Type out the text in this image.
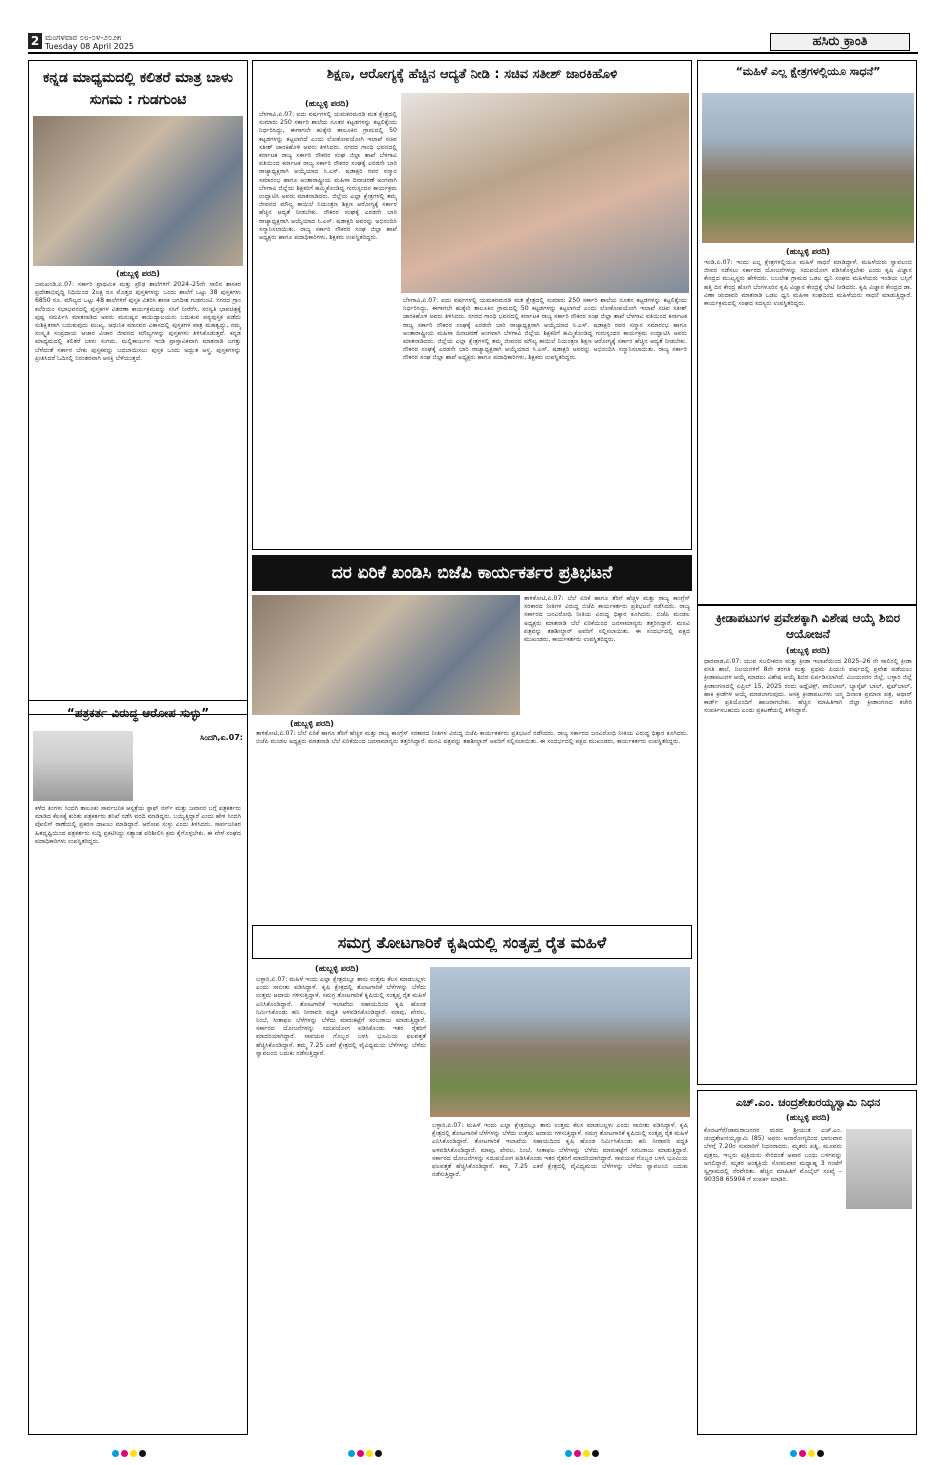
2 ಮಂಗಳವಾರ ೦೮-೦೪-೨೦೨೫
Tuesday 08 April 2025	ಹಸಿರು ಕ್ರಾಂತಿ
ಕನ್ನಡ ಮಾಧ್ಯಮದಲ್ಲಿ ಕಲಿತರೆ ಮಾತ್ರ ಬಾಳು ಸುಗಮ : ಗುಡಗುಂಟಿ
(ಹುಬ್ಬಳ್ಳಿ ಪರದಿ)
ಜಮಖಂಡಿ,ಏ.07: ಸರ್ಕಾರಿ ಪ್ರಾಥಮಿಕ ಮತ್ತು ಪ್ರೌಢ ಶಾಲೆಗಳಿಗೆ 2024–25ನೇ ಸಾಲಿನ ಶಾಸಕರ ಪ್ರದೇಶಾಭಿವೃದ್ಧಿ ನಿಧಿಯಿಂದ 2ಲಕ್ಷ ರೂ ಮೊತ್ತದ ಪುಸ್ತಕಗಳನ್ನು ಒಂದು ಶಾಲೆಗೆ ಒಟ್ಟು 38 ಪುಸ್ತಕಗಳು 6850 ರೂ. ಮೌಲ್ಯದ ಒಟ್ಟು 48 ಶಾಲೆಗಳಿಗೆ ಪುಸ್ತಕ ವಿತರಿಸಿ ಶಾಸಕ ಜಗದೀಶ ಗುಡಗುಂಟಿ. ನಗರದ ಗ್ರಾಂ ಕಲೆರಿಯಂ ಸಭಾಭವನದಲ್ಲಿ ಪುಸ್ತಕಗಳ ವಿತರಣಾ ಕಾರ್ಯಕ್ರಮವನ್ನು ಸಸಿಗೆ ನೀರೆರೆಸಿ, ಸರಸ್ವತಿ ಭಾವಚಿತ್ರಕ್ಕೆ ಪುಷ್ಪ ಸಮರ್ಪಿಸಿ ಮಾತನಾಡಿದ ಅವರು ಮನುಷ್ಯನ ಕಾಯಿದ್ಯಾಲಯನು ಬದುಕುವ ಪಠ್ಯಪುಸ್ತಕ ಪಡೆದು ಸುಶಿಕ್ಷಿತರಾಗಿ ಬದುಕುವುದು ಮುಖ್ಯ. ಆಧುನಿಕ ಮಾನವನ ವಿಕಾಸದಲ್ಲಿ ಪುಸ್ತಕಗಳ ಪಾತ್ರ ಮಹತ್ವದ್ದು, ನಮ್ಮ ಸಂಸ್ಕೃತಿ ಸಂಪ್ರದಾಯ ಆಚಾರ ವಿಚಾರ ಜೀವನದ ಮೌಲ್ಯಗಳನ್ನು ಪುಸ್ತಕಗಳು ತಿಳಿಸಿಕೊಡುತ್ತವೆ. ಕನ್ನಡ ಮಾಧ್ಯಮದಲ್ಲಿ ಕಲಿತರೆ ಬಾಳು ಸುಗಮ. ಮಲ್ಲಿಕಾರ್ಜುನ ಇಂಡಿ ಪ್ರಾಸ್ತಾವಿಕವಾಗಿ ಮಾತನಾಡಿ ಜಗತ್ತು ಬೆಳೆದಂತೆ ಸರ್ಕಾರ ಬೇಕು ಪುಸ್ತಕವನ್ನು ಬದಲಾಯಿಸಲು ಪುಸ್ತಕ ಒಂದು ಅದ್ಭುತ ಅಸ್ತ್ರ. ಪುಸ್ತಕಗಳನ್ನು ಪ್ರೀತಿಸಿದರೆ ಓದಿನಲ್ಲಿ ನಿರಂತರವಾಗಿ ಆಸಕ್ತಿ ಬೆಳೆಯುತ್ತದೆ.
“ಪತ್ರಕರ್ತ ವಿರುದ್ಧ ಆರೋಪ ಸುಳ್ಳು”
ಸಿಂದಗಿ,ಏ.07:
ಕಳೆದ ತಿಂಗಳು ಸಿಂದಗಿ ತಾಲೂಕು ಸಾರ್ವಜನಿಕ ಆಸ್ಪತ್ರೆಯ ಸ್ಟಾಫ್ ನರ್ಸ್ ಮತ್ತು ಜವಾನರ ಬಗ್ಗೆ ಪತ್ರಕರ್ತರು ಮಾಡಿದ ಕೆಲಸಕ್ಕೆ ಕುರಿತು ಪತ್ರಕರ್ತರು ತನಿಖೆ ನಡೆಸಿ ವರದಿ ಮಾಡಿದ್ದರು. ಬಯ್ಯಿತ್ತಿದ್ದಾರೆ ಎಂದು ಹೇಳಿ ಸಿಂದಗಿ ಪೋಲಿಸ್ ಠಾಣೆಯಲ್ಲಿ ಪ್ರಕರಣ ದಾಖಲು ಮಾಡಿದ್ದಾರೆ. ಆರೋಪ ಸುಳ್ಳು ಎಂದು ತಿಳಿಸಿದರು. ಸಾರ್ವಜನಿಕರ ಹಿತದೃಷ್ಟಿಯಿಂದ ಪತ್ರಕರ್ತರು ಸುದ್ದಿ ಪ್ರಕಟಿಸಿದ್ದು ಸತ್ಯಾಂಶ ಪರಿಶೀಲಿಸಿ ಕ್ರಮ ಕೈಗೊಳ್ಳಬೇಕು. ಈ ವೇಳೆ ಸಂಘದ ಪದಾಧಿಕಾರಿಗಳು ಉಪಸ್ಥಿತರಿದ್ದರು.
ಶಿಕ್ಷಣ, ಆರೋಗ್ಯಕ್ಕೆ ಹೆಚ್ಚಿನ ಆದ್ಯತೆ ನೀಡಿ : ಸಚಿವ ಸತೀಶ್ ಜಾರಕಿಹೊಳಿ
(ಹುಬ್ಬಳ್ಳಿ ಪರದಿ)
ಬೆಳಗಾವಿ,ಏ.07: ಐದು ವರ್ಷಗಳಲ್ಲಿ ಯಮಕನಮರಡಿ ಮತ ಕ್ಷೇತ್ರದಲ್ಲಿ ಸುಮಾರು 250 ಸರ್ಕಾರಿ ಶಾಲೆಯ ನೂತನ ಕಟ್ಟಡಗಳನ್ನು ಕಟ್ಟಲಿಕ್ಕೆಂದು ನಿರ್ಧರಿಸಿದ್ದು, ಈಗಾಗಲೇ ಹುಕ್ಕೇರಿ ತಾಲೂಕಿನ ಗ್ರಾಮದಲ್ಲಿ 50 ಕಟ್ಟಡಗಳನ್ನು ಕಟ್ಟಲಾಗಿದೆ ಎಂದು ಲೋಕೋಪಯೋಗಿ ಇಲಾಖೆ ಸಚಿವ ಸತೀಶ್ ಜಾರಕಿಹೊಳಿ ಅವರು ತಿಳಿಸಿದರು. ನಗರದ ಗಾಂಧಿ ಭವನದಲ್ಲಿ ಕರ್ನಾಟಕ ರಾಜ್ಯ ಸರ್ಕಾರಿ ನೌಕರರ ಸಂಘ ಜಿಲ್ಲಾ ಶಾಖೆ ಬೆಳಗಾವಿ ವತಿಯಿಂದ ಕರ್ನಾಟಕ ರಾಜ್ಯ ಸರ್ಕಾರಿ ನೌಕರರ ಸಂಘಕ್ಕೆ ಎರಡನೇ ಬಾರಿ ರಾಜ್ಯಾಧ್ಯಕ್ಷರಾಗಿ ಆಯ್ಕೆಯಾದ ಸಿ.ಎಸ್. ಷಡಾಕ್ಷರಿ ರವರ ಸನ್ಮಾನ ಸಮಾರಂಭ ಹಾಗೂ ಅಂತಾರಾಷ್ಟ್ರೀಯ ಮಹಿಳಾ ದಿನಾಚರಣೆ ಅಂಗವಾಗಿ ಬೆಳಗಾವಿ ಜಿಲ್ಲೆಯ ಶಿಕ್ಷಕರಿಗೆ ಹಮ್ಮಿಕೊಂಡಿದ್ದ ಗುರುಸ್ಪಂದನ ಕಾರ್ಯಕ್ರಮ ಉದ್ಘಾಟಿಸಿ ಅವರು ಮಾತನಾಡಿದರು. ಜಿಲ್ಲೆಯ ಎಲ್ಲಾ ಕ್ಷೇತ್ರಗಳಲ್ಲಿ ತಮ್ಮ ಜೀವನದ ಮೌಲ್ಯ ಕಾಯಿಲೆ ನಿಯಂತ್ರಣ ಶಿಕ್ಷಣ ಆರೋಗ್ಯಕ್ಕೆ ಸರ್ಕಾರ ಹೆಚ್ಚಿನ ಆದ್ಯತೆ ನೀಡಬೇಕು. ನೌಕರರ ಸಂಘಕ್ಕೆ ಎರಡನೇ ಬಾರಿ ರಾಜ್ಯಾಧ್ಯಕ್ಷರಾಗಿ ಆಯ್ಕೆಯಾದ ಸಿ.ಎಸ್. ಷಡಾಕ್ಷರಿ ಅವರನ್ನು ಅಭಿನಂದಿಸಿ ಸನ್ಮಾನಿಸಲಾಯಿತು. ರಾಜ್ಯ ಸರ್ಕಾರಿ ನೌಕರರ ಸಂಘ ಜಿಲ್ಲಾ ಶಾಖೆ ಅಧ್ಯಕ್ಷರು ಹಾಗೂ ಪದಾಧಿಕಾರಿಗಳು, ಶಿಕ್ಷಕರು ಉಪಸ್ಥಿತರಿದ್ದರು.
ಬೆಳಗಾವಿ,ಏ.07: ಐದು ವರ್ಷಗಳಲ್ಲಿ ಯಮಕನಮರಡಿ ಮತ ಕ್ಷೇತ್ರದಲ್ಲಿ ಸುಮಾರು 250 ಸರ್ಕಾರಿ ಶಾಲೆಯ ನೂತನ ಕಟ್ಟಡಗಳನ್ನು ಕಟ್ಟಲಿಕ್ಕೆಂದು ನಿರ್ಧರಿಸಿದ್ದು, ಈಗಾಗಲೇ ಹುಕ್ಕೇರಿ ತಾಲೂಕಿನ ಗ್ರಾಮದಲ್ಲಿ 50 ಕಟ್ಟಡಗಳನ್ನು ಕಟ್ಟಲಾಗಿದೆ ಎಂದು ಲೋಕೋಪಯೋಗಿ ಇಲಾಖೆ ಸಚಿವ ಸತೀಶ್ ಜಾರಕಿಹೊಳಿ ಅವರು ತಿಳಿಸಿದರು. ನಗರದ ಗಾಂಧಿ ಭವನದಲ್ಲಿ ಕರ್ನಾಟಕ ರಾಜ್ಯ ಸರ್ಕಾರಿ ನೌಕರರ ಸಂಘ ಜಿಲ್ಲಾ ಶಾಖೆ ಬೆಳಗಾವಿ ವತಿಯಿಂದ ಕರ್ನಾಟಕ ರಾಜ್ಯ ಸರ್ಕಾರಿ ನೌಕರರ ಸಂಘಕ್ಕೆ ಎರಡನೇ ಬಾರಿ ರಾಜ್ಯಾಧ್ಯಕ್ಷರಾಗಿ ಆಯ್ಕೆಯಾದ ಸಿ.ಎಸ್. ಷಡಾಕ್ಷರಿ ರವರ ಸನ್ಮಾನ ಸಮಾರಂಭ ಹಾಗೂ ಅಂತಾರಾಷ್ಟ್ರೀಯ ಮಹಿಳಾ ದಿನಾಚರಣೆ ಅಂಗವಾಗಿ ಬೆಳಗಾವಿ ಜಿಲ್ಲೆಯ ಶಿಕ್ಷಕರಿಗೆ ಹಮ್ಮಿಕೊಂಡಿದ್ದ ಗುರುಸ್ಪಂದನ ಕಾರ್ಯಕ್ರಮ ಉದ್ಘಾಟಿಸಿ ಅವರು ಮಾತನಾಡಿದರು. ಜಿಲ್ಲೆಯ ಎಲ್ಲಾ ಕ್ಷೇತ್ರಗಳಲ್ಲಿ ತಮ್ಮ ಜೀವನದ ಮೌಲ್ಯ ಕಾಯಿಲೆ ನಿಯಂತ್ರಣ ಶಿಕ್ಷಣ ಆರೋಗ್ಯಕ್ಕೆ ಸರ್ಕಾರ ಹೆಚ್ಚಿನ ಆದ್ಯತೆ ನೀಡಬೇಕು. ನೌಕರರ ಸಂಘಕ್ಕೆ ಎರಡನೇ ಬಾರಿ ರಾಜ್ಯಾಧ್ಯಕ್ಷರಾಗಿ ಆಯ್ಕೆಯಾದ ಸಿ.ಎಸ್. ಷಡಾಕ್ಷರಿ ಅವರನ್ನು ಅಭಿನಂದಿಸಿ ಸನ್ಮಾನಿಸಲಾಯಿತು. ರಾಜ್ಯ ಸರ್ಕಾರಿ ನೌಕರರ ಸಂಘ ಜಿಲ್ಲಾ ಶಾಖೆ ಅಧ್ಯಕ್ಷರು ಹಾಗೂ ಪದಾಧಿಕಾರಿಗಳು, ಶಿಕ್ಷಕರು ಉಪಸ್ಥಿತರಿದ್ದರು.
“ಮಹಿಳೆ ಎಲ್ಲ ಕ್ಷೇತ್ರಗಳಲ್ಲಿಯೂ ಸಾಧನೆ”
(ಹುಬ್ಬಳ್ಳಿ ಪರದಿ)
ಇಂಡಿ,ಏ.07: ಇಂದು ಎಲ್ಲ ಕ್ಷೇತ್ರಗಳಲ್ಲಿಯೂ ಮಹಿಳೆ ಸಾಧನೆ ಮಾಡಿದ್ದಾಳೆ. ಮಹಿಳೆಯರು ಸ್ವಾವಲಂಬಿ ಜೀವನ ನಡೆಸಲು ಸರ್ಕಾರದ ಯೋಜನೆಗಳನ್ನು ಸದುಪಯೋಗ ಪಡಿಸಿಕೊಳ್ಳಬೇಕು ಎಂದು ಕೃಷಿ ವಿಜ್ಞಾನ ಕೇಂದ್ರದ ಮುಖ್ಯಸ್ಥರು ಹೇಳಿದರು. ಬಬಲೇಶ ಗ್ರಾಮದ ಒಡಲ ಧ್ವನಿ ಸಂಘದ ಮಹಿಳೆಯರು ಇಂಡಿಯ ಬಸ್ಸಿಗೆ ಹತ್ತಿ ದಿನ ಕೇಂದ್ರ ಹೋಗಿ ಬೆಂಗಳೂರಿನ ಕೃಷಿ ವಿಜ್ಞಾನ ಕೇಂದ್ರಕ್ಕೆ ಭೇಟಿ ನೀಡಿದರು. ಕೃಷಿ ವಿಜ್ಞಾನ ಕೇಂದ್ರದ ಡಾ. ವಿಣಾ ಚಂದಾವರಿ ಮಾತನಾಡಿ ಒಡಲ ಧ್ವನಿ ಮಹಿಳಾ ಸಂಘದಿಂದ ಮಹಿಳೆಯರು ಸಾಧನೆ ಮಾಡುತ್ತಿದ್ದಾರೆ. ಕಾರ್ಯಕ್ರಮದಲ್ಲಿ ಸಂಘದ ಸದಸ್ಯರು ಉಪಸ್ಥಿತರಿದ್ದರು.
ದರ ಏರಿಕೆ ಖಂಡಿಸಿ ಬಿಜೆಪಿ ಕಾರ್ಯಕರ್ತರ ಪ್ರತಿಭಟನೆ
ತಾಳಿಕೋಟಿ,ಏ.07: ಬೆಲೆ ಏರಿಕೆ ಹಾಗೂ ತೆರಿಗೆ ಹೆಚ್ಚಳ ಮತ್ತು ರಾಜ್ಯ ಕಾಂಗ್ರೆಸ್ ಸರಕಾರದ ನೀತಿಗಳ ವಿರುದ್ಧ ಬಿಜೆಪಿ ಕಾರ್ಯಕರ್ತರು ಪ್ರತಿಭಟನೆ ನಡೆಸಿದರು. ರಾಜ್ಯ ಸರ್ಕಾರದ ಜನವಿರೋಧಿ ನೀತಿಯ ವಿರುದ್ಧ ಧಿಕ್ಕಾರ ಕೂಗಿದರು. ಬಿಜೆಪಿ ಮಂಡಲ ಅಧ್ಯಕ್ಷರು ಮಾತನಾಡಿ ಬೆಲೆ ಏರಿಕೆಯಿಂದ ಜನಸಾಮಾನ್ಯರು ತತ್ತರಿಸಿದ್ದಾರೆ. ಮನವಿ ಪತ್ರವನ್ನು ತಹಶೀಲ್ದಾರ್ ಅವರಿಗೆ ಸಲ್ಲಿಸಲಾಯಿತು. ಈ ಸಂದರ್ಭದಲ್ಲಿ ಪಕ್ಷದ ಮುಖಂಡರು, ಕಾರ್ಯಕರ್ತರು ಉಪಸ್ಥಿತರಿದ್ದರು.
(ಹುಬ್ಬಳ್ಳಿ ಪರದಿ)
ತಾಳಿಕೋಟಿ,ಏ.07: ಬೆಲೆ ಏರಿಕೆ ಹಾಗೂ ತೆರಿಗೆ ಹೆಚ್ಚಳ ಮತ್ತು ರಾಜ್ಯ ಕಾಂಗ್ರೆಸ್ ಸರಕಾರದ ನೀತಿಗಳ ವಿರುದ್ಧ ಬಿಜೆಪಿ ಕಾರ್ಯಕರ್ತರು ಪ್ರತಿಭಟನೆ ನಡೆಸಿದರು. ರಾಜ್ಯ ಸರ್ಕಾರದ ಜನವಿರೋಧಿ ನೀತಿಯ ವಿರುದ್ಧ ಧಿಕ್ಕಾರ ಕೂಗಿದರು. ಬಿಜೆಪಿ ಮಂಡಲ ಅಧ್ಯಕ್ಷರು ಮಾತನಾಡಿ ಬೆಲೆ ಏರಿಕೆಯಿಂದ ಜನಸಾಮಾನ್ಯರು ತತ್ತರಿಸಿದ್ದಾರೆ. ಮನವಿ ಪತ್ರವನ್ನು ತಹಶೀಲ್ದಾರ್ ಅವರಿಗೆ ಸಲ್ಲಿಸಲಾಯಿತು. ಈ ಸಂದರ್ಭದಲ್ಲಿ ಪಕ್ಷದ ಮುಖಂಡರು, ಕಾರ್ಯಕರ್ತರು ಉಪಸ್ಥಿತರಿದ್ದರು.
ಕ್ರೀಡಾಪಟುಗಳ ಪ್ರವೇಶಕ್ಕಾಗಿ ವಿಶೇಷ ಆಯ್ಕೆ ಶಿಬಿರ ಆಯೋಜನೆ
(ಹುಬ್ಬಳ್ಳಿ ಪರದಿ)
ಧಾರವಾಡ,ಏ.07: ಯುವ ಸಬಲೀಕರಣ ಮತ್ತು ಕ್ರೀಡಾ ಇಲಾಖೆಯಿಂದ 2025–26 ನೇ ಸಾಲಿನಲ್ಲಿ ಕ್ರೀಡಾ ವಸತಿ ಶಾಲೆ, ನಿಲಯಗಳಿಗೆ 8ನೇ ತರಗತಿ ಮತ್ತು ಪ್ರಥಮ ಪಿಯುಸಿ ವರ್ಷದಲ್ಲಿ ಪ್ರವೇಶ ಪಡೆಯಲು ಕ್ರೀಡಾಪಟುಗಳ ಆಯ್ಕೆ ಮಾಡಲು ವಿಶೇಷ ಆಯ್ಕೆ ಶಿಬಿರ ಏರ್ಪಡಿಸಲಾಗಿದೆ. ವಿಜಯನಗರ ಜಿಲ್ಲೆ, ಬಳ್ಳಾರಿ ಜಿಲ್ಲೆ ಕ್ರೀಡಾಂಗಣದಲ್ಲಿ ಏಪ್ರಿಲ್ 15, 2025 ರಂದು ಅಥ್ಲೆಟಿಕ್ಸ್, ವಾಲಿಬಾಲ್, ಬ್ಯಾಸ್ಕೆಟ್ ಬಾಲ್, ಫುಟ್‌ಬಾಲ್, ಹಾಕಿ ಕ್ರೀಡೆಗಳ ಆಯ್ಕೆ ಮಾಡಲಾಗುವುದು. ಆಸಕ್ತ ಕ್ರೀಡಾಪಟುಗಳು ಜನ್ಮ ದಿನಾಂಕ ಪ್ರಮಾಣ ಪತ್ರ, ಆಧಾರ್ ಕಾರ್ಡ್ ಪ್ರತಿಯೊಂದಿಗೆ ಹಾಜರಾಗಬೇಕು. ಹೆಚ್ಚಿನ ಮಾಹಿತಿಗಾಗಿ ಜಿಲ್ಲಾ ಕ್ರೀಡಾಂಗಣದ ಕಚೇರಿ ಸಂಪರ್ಕಿಸಬಹುದು ಎಂದು ಪ್ರಕಟಣೆಯಲ್ಲಿ ತಿಳಿಸಿದ್ದಾರೆ.
ಸಮಗ್ರ ತೋಟಗಾರಿಕೆ ಕೃಷಿಯಲ್ಲಿ ಸಂತೃಪ್ತ ರೈತ ಮಹಿಳೆ
(ಹುಬ್ಬಳ್ಳಿ ಪರದಿ)
ಬಳ್ಳಾರಿ,ಏ.07: ಮಹಿಳೆ ಇಂದು ಎಲ್ಲಾ ಕ್ಷೇತ್ರದಲ್ಲೂ ತಾನು ಉತ್ತಮ ಕೆಲಸ ಮಾಡಬಲ್ಲಳು ಎಂದು ಸಾಬೀತು ಪಡಿಸಿದ್ದಾಳೆ. ಕೃಷಿ ಕ್ಷೇತ್ರದಲ್ಲಿ ತೋಟಗಾರಿಕೆ ಬೆಳೆಗಳನ್ನು ಬೆಳೆದು ಉತ್ತಮ ಆದಾಯ ಗಳಿಸುತ್ತಿದ್ದಾಳೆ. ಸಮಗ್ರ ತೋಟಗಾರಿಕೆ ಕೃಷಿಯಲ್ಲಿ ಸಂತೃಪ್ತ ರೈತ ಮಹಿಳೆ ಎನಿಸಿಕೊಂಡಿದ್ದಾರೆ. ತೋಟಗಾರಿಕೆ ಇಲಾಖೆಯ ಸಹಾಯದಿಂದ ಕೃಷಿ ಹೊಂಡ ನಿರ್ಮಿಸಿಕೊಂಡು ಹನಿ ನೀರಾವರಿ ಪದ್ಧತಿ ಅಳವಡಿಸಿಕೊಂಡಿದ್ದಾರೆ. ಮಾವು, ಪೇರಲ, ನಿಂಬೆ, ಸೀತಾಫಲ ಬೆಳೆಗಳನ್ನು ಬೆಳೆದು ಮಾರುಕಟ್ಟೆಗೆ ಸರಬರಾಜು ಮಾಡುತ್ತಿದ್ದಾರೆ. ಸರ್ಕಾರದ ಯೋಜನೆಗಳನ್ನು ಸದುಪಯೋಗ ಪಡಿಸಿಕೊಂಡು ಇತರ ರೈತರಿಗೆ ಮಾದರಿಯಾಗಿದ್ದಾರೆ. ಸಾವಯವ ಗೊಬ್ಬರ ಬಳಸಿ ಭೂಮಿಯ ಫಲವತ್ತತೆ ಹೆಚ್ಚಿಸಿಕೊಂಡಿದ್ದಾರೆ. ತಮ್ಮ 7.25 ಎಕರೆ ಕ್ಷೇತ್ರದಲ್ಲಿ ವೈವಿಧ್ಯಮಯ ಬೆಳೆಗಳನ್ನು ಬೆಳೆದು ಸ್ವಾವಲಂಬಿ ಬದುಕು ನಡೆಸುತ್ತಿದ್ದಾರೆ.
ಬಳ್ಳಾರಿ,ಏ.07: ಮಹಿಳೆ ಇಂದು ಎಲ್ಲಾ ಕ್ಷೇತ್ರದಲ್ಲೂ ತಾನು ಉತ್ತಮ ಕೆಲಸ ಮಾಡಬಲ್ಲಳು ಎಂದು ಸಾಬೀತು ಪಡಿಸಿದ್ದಾಳೆ. ಕೃಷಿ ಕ್ಷೇತ್ರದಲ್ಲಿ ತೋಟಗಾರಿಕೆ ಬೆಳೆಗಳನ್ನು ಬೆಳೆದು ಉತ್ತಮ ಆದಾಯ ಗಳಿಸುತ್ತಿದ್ದಾಳೆ. ಸಮಗ್ರ ತೋಟಗಾರಿಕೆ ಕೃಷಿಯಲ್ಲಿ ಸಂತೃಪ್ತ ರೈತ ಮಹಿಳೆ ಎನಿಸಿಕೊಂಡಿದ್ದಾರೆ. ತೋಟಗಾರಿಕೆ ಇಲಾಖೆಯ ಸಹಾಯದಿಂದ ಕೃಷಿ ಹೊಂಡ ನಿರ್ಮಿಸಿಕೊಂಡು ಹನಿ ನೀರಾವರಿ ಪದ್ಧತಿ ಅಳವಡಿಸಿಕೊಂಡಿದ್ದಾರೆ. ಮಾವು, ಪೇರಲ, ನಿಂಬೆ, ಸೀತಾಫಲ ಬೆಳೆಗಳನ್ನು ಬೆಳೆದು ಮಾರುಕಟ್ಟೆಗೆ ಸರಬರಾಜು ಮಾಡುತ್ತಿದ್ದಾರೆ. ಸರ್ಕಾರದ ಯೋಜನೆಗಳನ್ನು ಸದುಪಯೋಗ ಪಡಿಸಿಕೊಂಡು ಇತರ ರೈತರಿಗೆ ಮಾದರಿಯಾಗಿದ್ದಾರೆ. ಸಾವಯವ ಗೊಬ್ಬರ ಬಳಸಿ ಭೂಮಿಯ ಫಲವತ್ತತೆ ಹೆಚ್ಚಿಸಿಕೊಂಡಿದ್ದಾರೆ. ತಮ್ಮ 7.25 ಎಕರೆ ಕ್ಷೇತ್ರದಲ್ಲಿ ವೈವಿಧ್ಯಮಯ ಬೆಳೆಗಳನ್ನು ಬೆಳೆದು ಸ್ವಾವಲಂಬಿ ಬದುಕು ನಡೆಸುತ್ತಿದ್ದಾರೆ.
ಎಚ್.ಎಂ. ಚಂದ್ರಶೇಖರಯ್ಯಸ್ವಾಮಿ ನಿಧನ
(ಹುಬ್ಬಳ್ಳಿ ಪರದಿ)
ಕೊರಟಗೆರೆ/ಚಾಮರಾಜನಗರ ಮಠದ ಶ್ರೀಯುತ ಎಚ್.ಎಂ. ಚಂದ್ರಶೇಖರಯ್ಯಸ್ವಾಮಿ (85) ಅವರು ಅನಾರೋಗ್ಯದಿಂದ ಭಾನುವಾರ ಬೆಳಗ್ಗೆ 7.20ರ ಸುಮಾರಿಗೆ ನಿಧನರಾದರು. ಮೃತರು ಪತ್ನಿ, ಮೂವರು ಪುತ್ರರು, ಇಬ್ಬರು ಪುತ್ರಿಯರು ಸೇರಿದಂತೆ ಅಪಾರ ಬಂಧು ಬಳಗವನ್ನು ಅಗಲಿದ್ದಾರೆ. ಮೃತರ ಅಂತ್ಯಕ್ರಿಯೆ ಸೋಮವಾರ ಮಧ್ಯಾಹ್ನ 3 ಗಂಟೆಗೆ ಸ್ವಗ್ರಾಮದಲ್ಲಿ ನೆರವೇರಿತು. ಹೆಚ್ಚಿನ ಮಾಹಿತಿಗೆ ಮೊಬೈಲ್ ಸಂಖ್ಯೆ – 90358 65904 ಗೆ ಸಂಪರ್ಕ ಮಾಡಿರಿ.
